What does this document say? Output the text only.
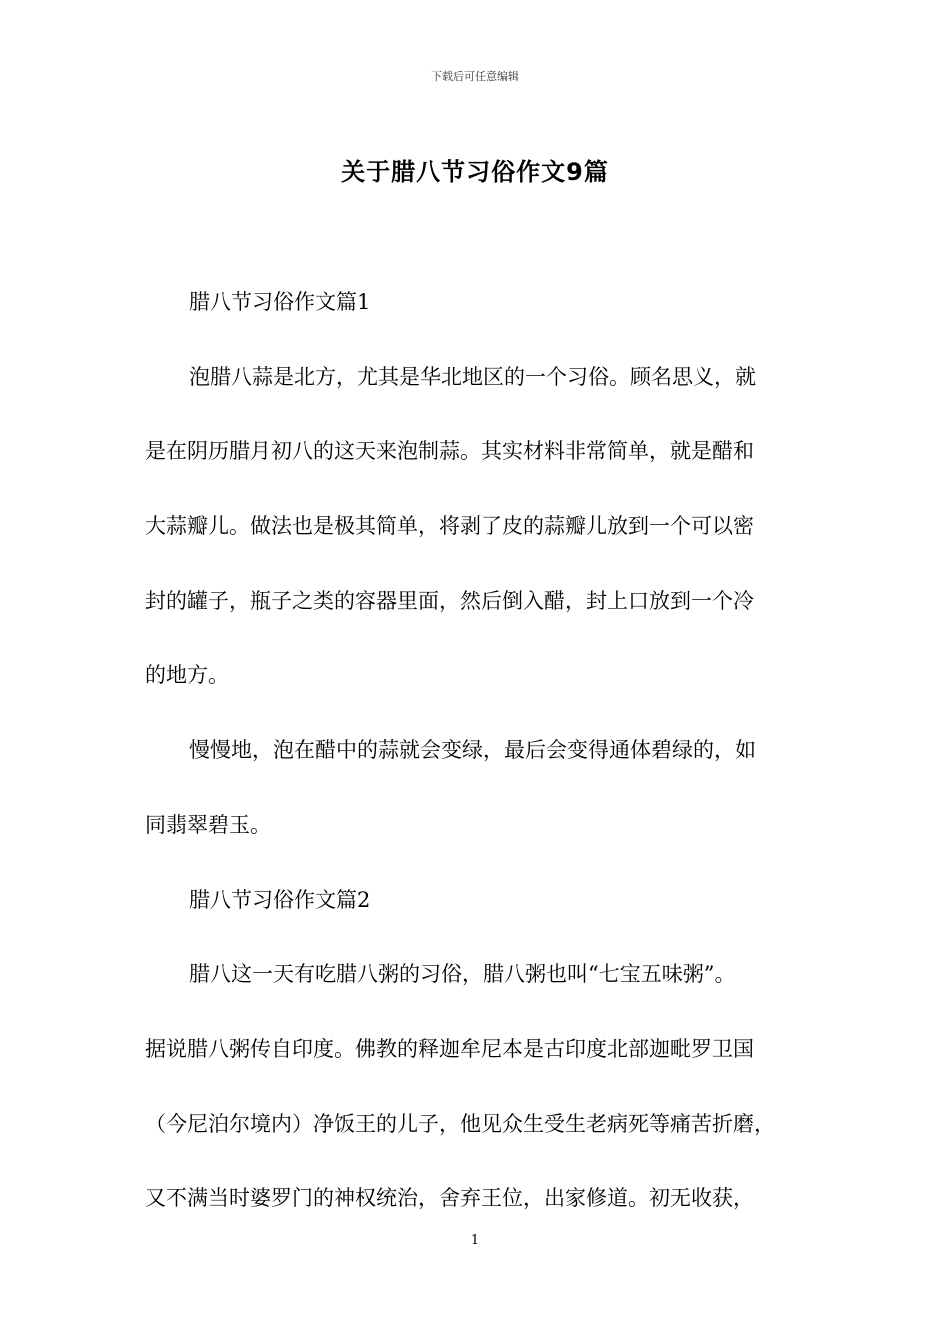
下载后可任意编辑
关于腊八节习俗作文9篇
腊八节习俗作文篇1
泡腊八蒜是北方，尤其是华北地区的一个习俗。顾名思义，就
是在阴历腊月初八的这天来泡制蒜。其实材料非常简单，就是醋和
大蒜瓣儿。做法也是极其简单，将剥了皮的蒜瓣儿放到一个可以密
封的罐子，瓶子之类的容器里面，然后倒入醋，封上口放到一个冷
的地方。
慢慢地，泡在醋中的蒜就会变绿，最后会变得通体碧绿的，如
同翡翠碧玉。
腊八节习俗作文篇2
腊八这一天有吃腊八粥的习俗，腊八粥也叫“七宝五味粥”。
据说腊八粥传自印度。佛教的释迦牟尼本是古印度北部迦毗罗卫国
（今尼泊尔境内）净饭王的儿子，他见众生受生老病死等痛苦折磨，
又不满当时婆罗门的神权统治，舍弃王位，出家修道。初无收获，
1
